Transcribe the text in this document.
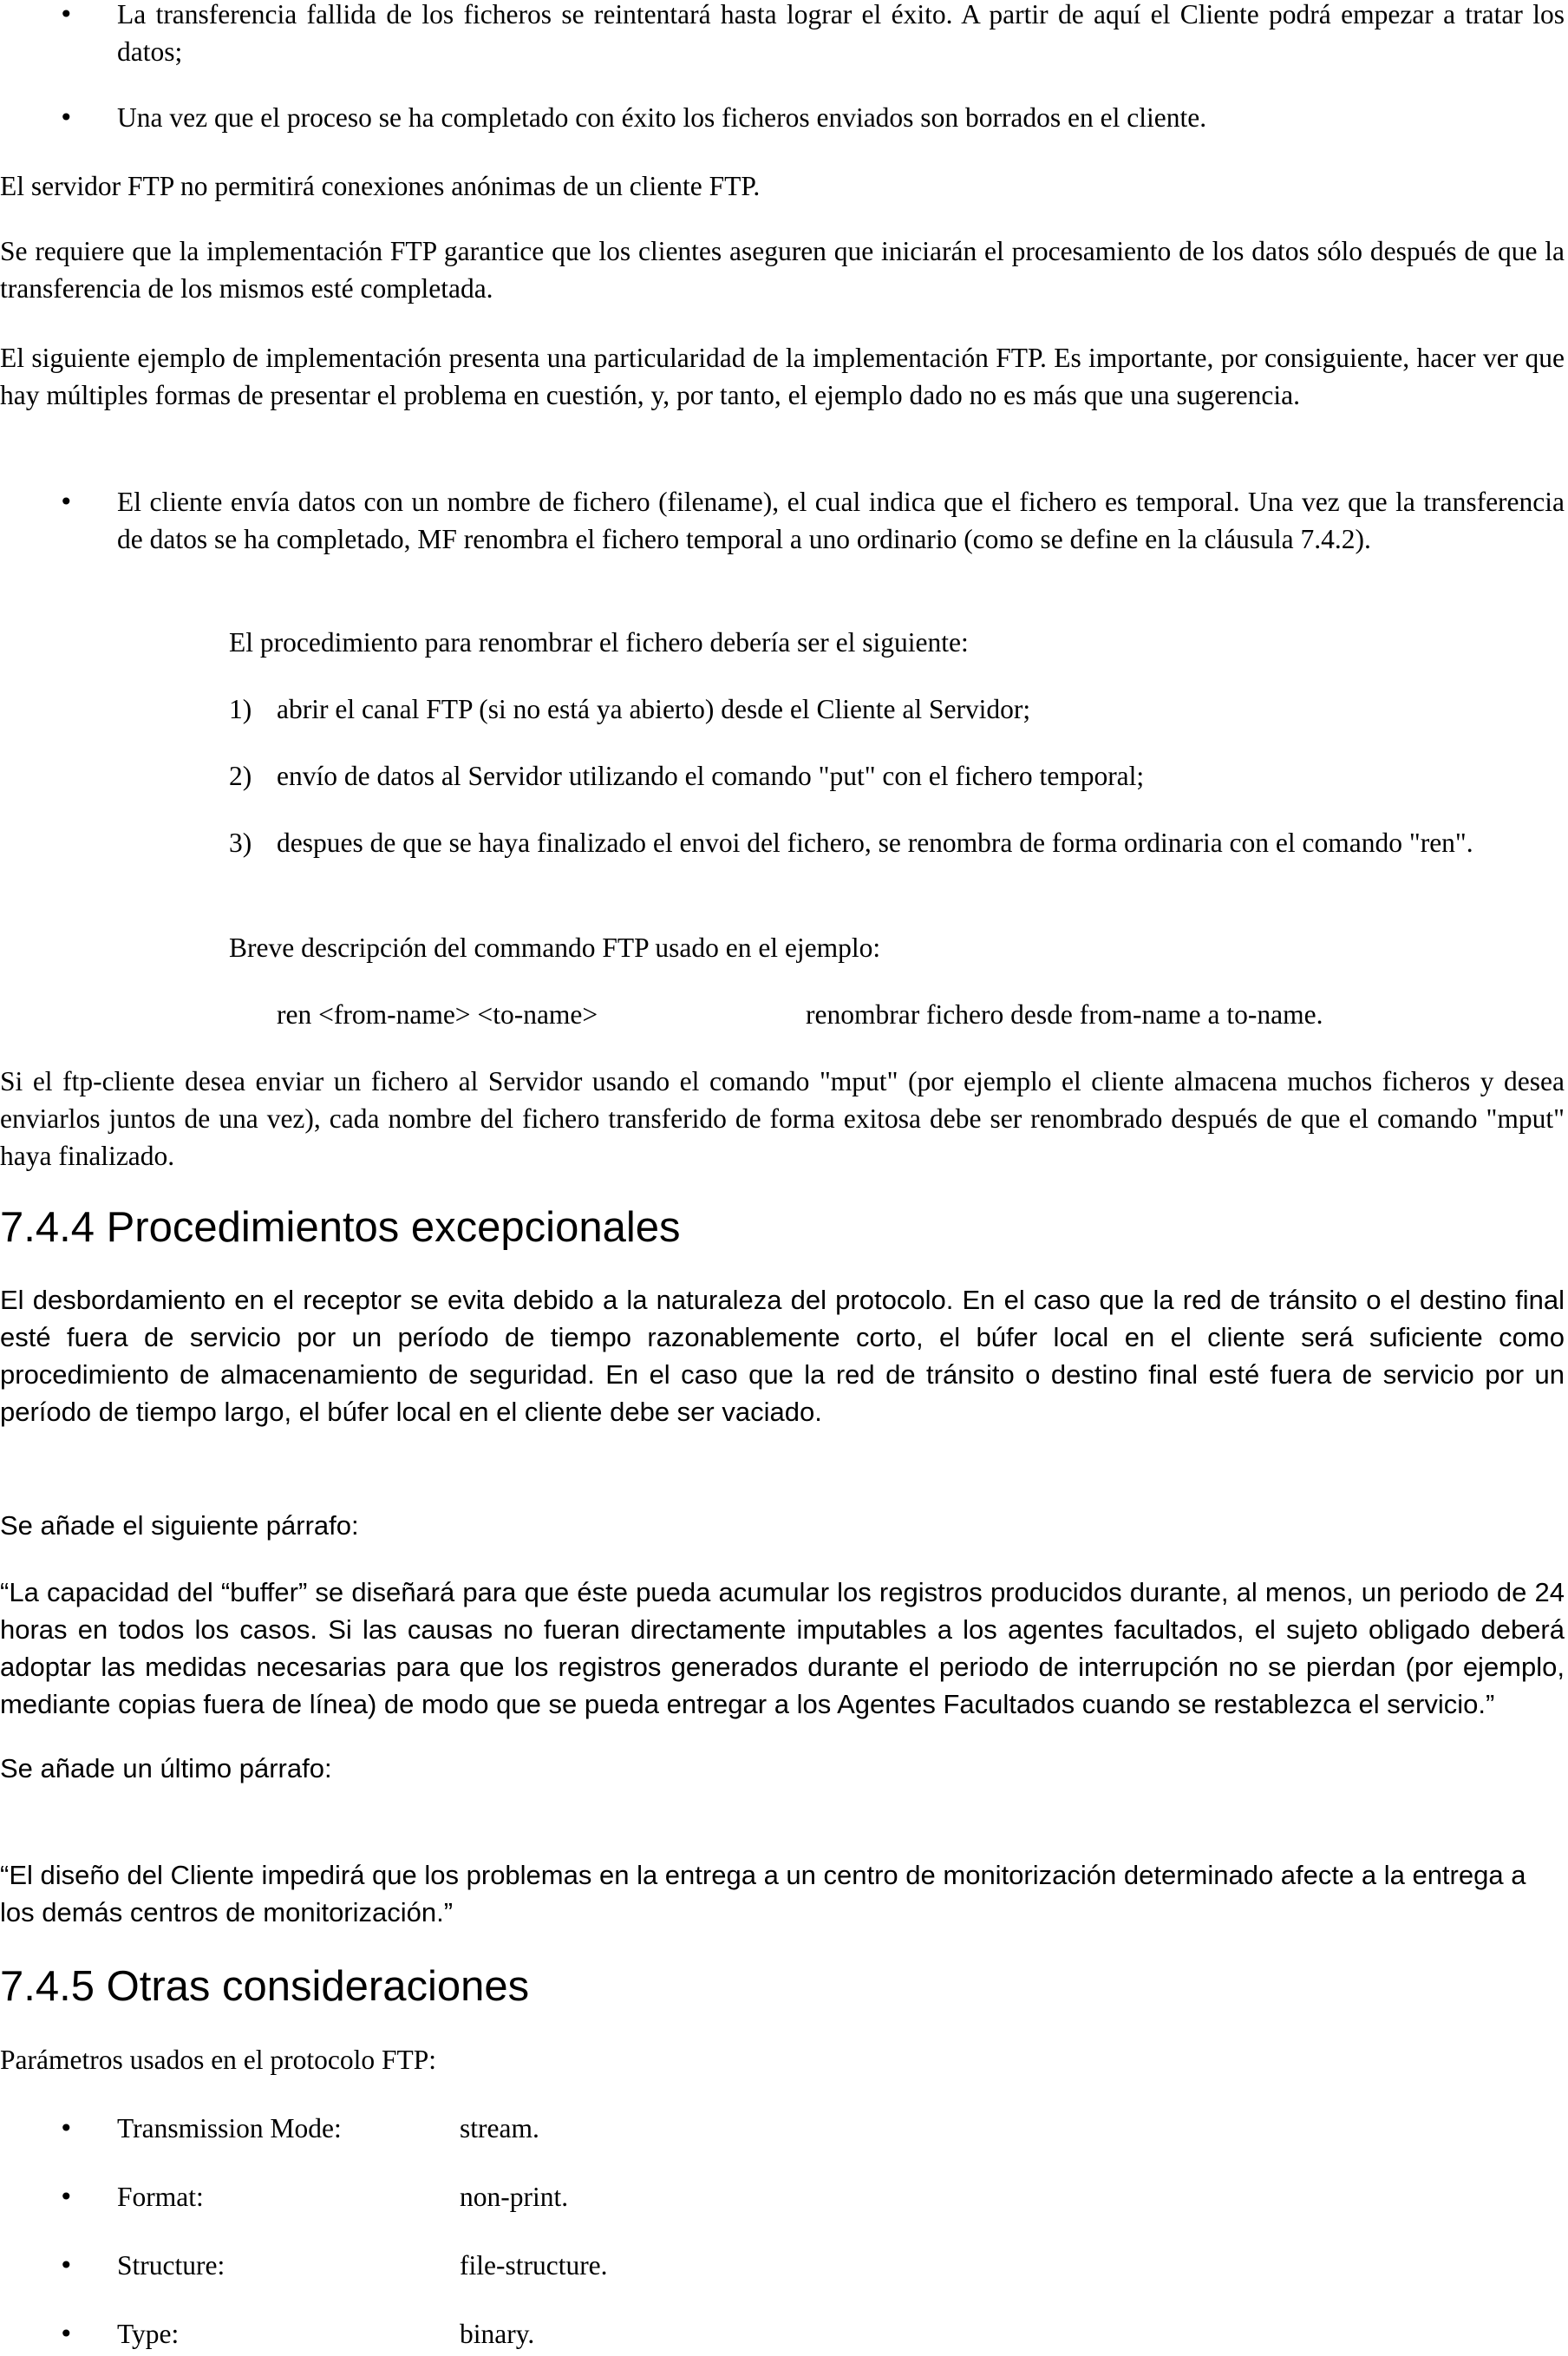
• La transferencia fallida de los ficheros se reintentará hasta lograr el éxito. A partir de aquí el Cliente podrá empezar a tratar los datos;

• Una vez que el proceso se ha completado con éxito los ficheros enviados son borrados en el cliente.

El servidor FTP no permitirá conexiones anónimas de un cliente FTP.

Se requiere que la implementación FTP garantice que los clientes aseguren que iniciarán el procesamiento de los datos sólo después de que la transferencia de los mismos esté completada.

El siguiente ejemplo de implementación presenta una particularidad de la implementación FTP. Es importante, por consiguiente, hacer ver que hay múltiples formas de presentar el problema en cuestión, y, por tanto, el ejemplo dado no es más que una sugerencia.

• El cliente envía datos con un nombre de fichero (filename), el cual indica que el fichero es temporal. Una vez que la transferencia de datos se ha completado, MF renombra el fichero temporal a uno ordinario (como se define en la cláusula 7.4.2).

El procedimiento para renombrar el fichero debería ser el siguiente:

1) abrir el canal FTP (si no está ya abierto) desde el Cliente al Servidor;

2) envío de datos al Servidor utilizando el comando "put" con el fichero temporal;

3) despues de que se haya finalizado el envoi del fichero, se renombra de forma ordinaria con el comando "ren".

Breve descripción del commando FTP usado en el ejemplo:

ren <from-name> <to-name>	renombrar fichero desde from-name a to-name.

Si el ftp-cliente desea enviar un fichero al Servidor usando el comando "mput" (por ejemplo el cliente almacena muchos ficheros y desea enviarlos juntos de una vez), cada nombre del fichero transferido de forma exitosa debe ser renombrado después de que el comando "mput" haya finalizado.

7.4.4 Procedimientos excepcionales

El desbordamiento en el receptor se evita debido a la naturaleza del protocolo. En el caso que la red de tránsito o el destino final esté fuera de servicio por un período de tiempo razonablemente corto, el búfer local en el cliente será suficiente como procedimiento de almacenamiento de seguridad. En el caso que la red de tránsito o destino final esté fuera de servicio por un período de tiempo largo, el búfer local en el cliente debe ser vaciado.

Se añade el siguiente párrafo:

“La capacidad del “buffer” se diseñará para que éste pueda acumular los registros producidos durante, al menos, un periodo de 24 horas en todos los casos. Si las causas no fueran directamente imputables a los agentes facultados, el sujeto obligado deberá adoptar las medidas necesarias para que los registros generados durante el periodo de interrupción no se pierdan (por ejemplo, mediante copias fuera de línea) de modo que se pueda entregar a los Agentes Facultados cuando se restablezca el servicio.”

Se añade un último párrafo:

“El diseño del Cliente impedirá que los problemas en la entrega a un centro de monitorización determinado afecte a la entrega a los demás centros de monitorización.”

7.4.5 Otras consideraciones

Parámetros usados en el protocolo FTP:

• Transmission Mode:	stream.
• Format:	non-print.
• Structure:	file-structure.
• Type:	binary.
